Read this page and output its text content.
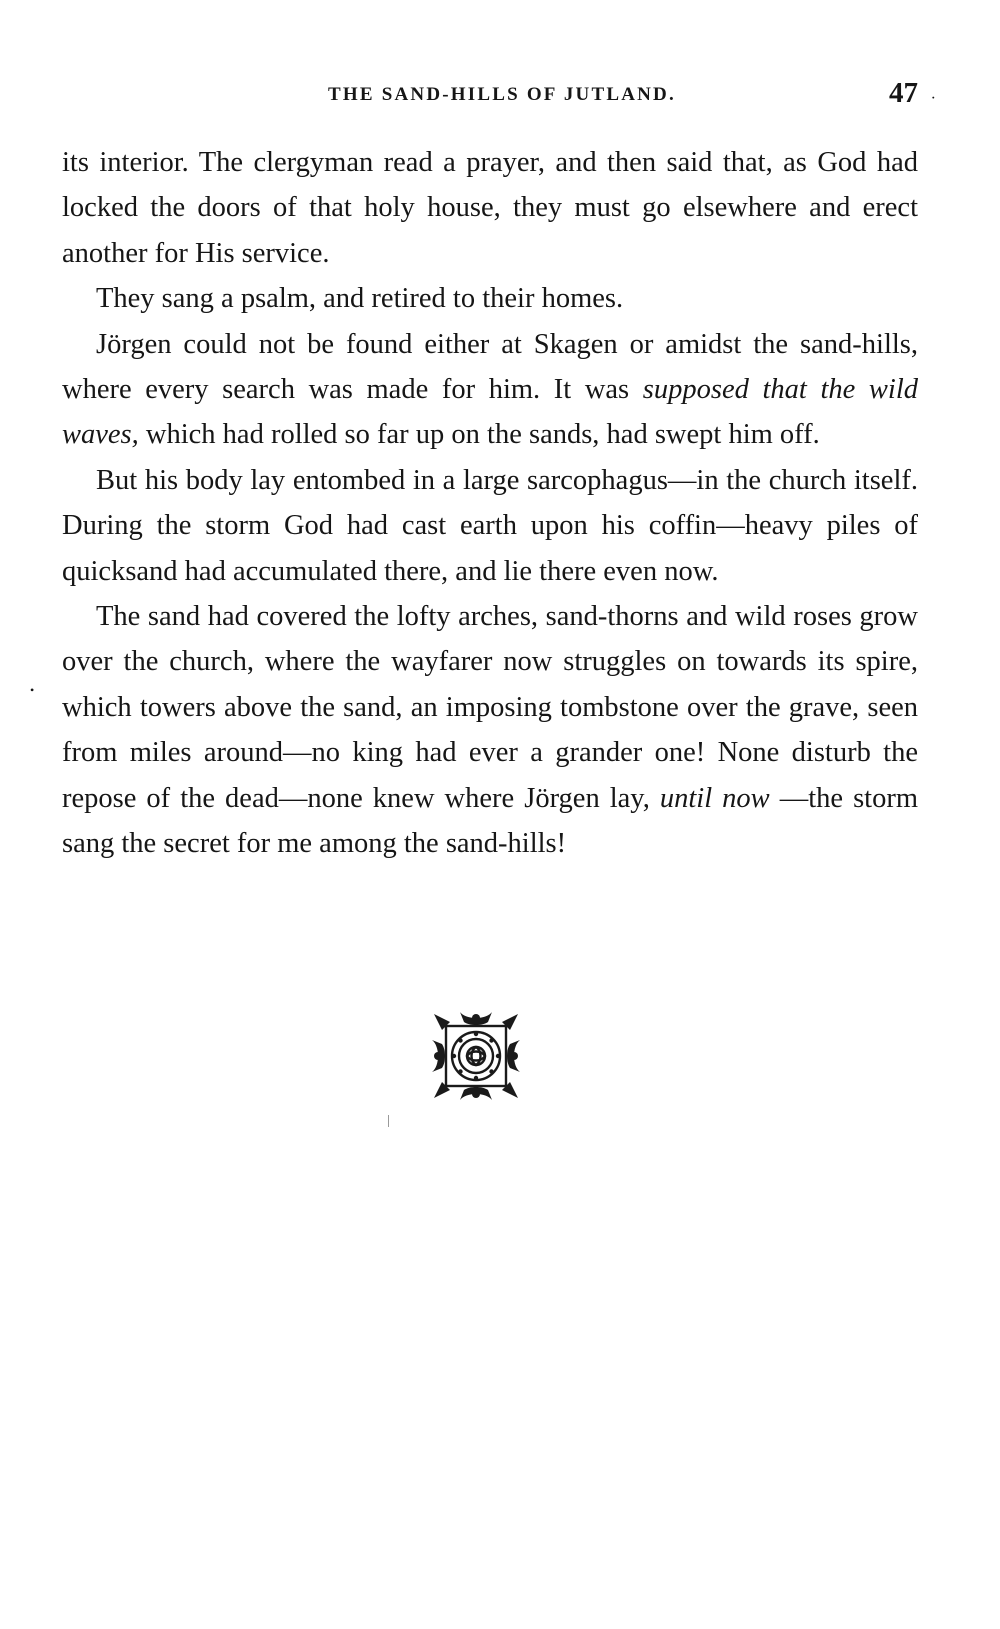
THE SAND-HILLS OF JUTLAND.	47 ·

its interior. The clergyman read a prayer, and then said that, as God had locked the doors of that holy house, they must go elsewhere and erect another for His service.

They sang a psalm, and retired to their homes.

Jörgen could not be found either at Skagen or amidst the sand-hills, where every search was made for him. It was supposed that the wild waves, which had rolled so far up on the sands, had swept him off.

But his body lay entombed in a large sarcophagus—in the church itself. During the storm God had cast earth upon his coffin—heavy piles of quicksand had accumulated there, and lie there even now.

The sand had covered the lofty arches, sand-thorns and wild roses grow over the church, where the wayfarer now struggles on towards its spire, which towers above the sand, an imposing tombstone over the grave, seen from miles around—no king had ever a grander one! None disturb the repose of the dead—none knew where Jörgen lay, until now —the storm sang the secret for me among the sand-hills!

•
